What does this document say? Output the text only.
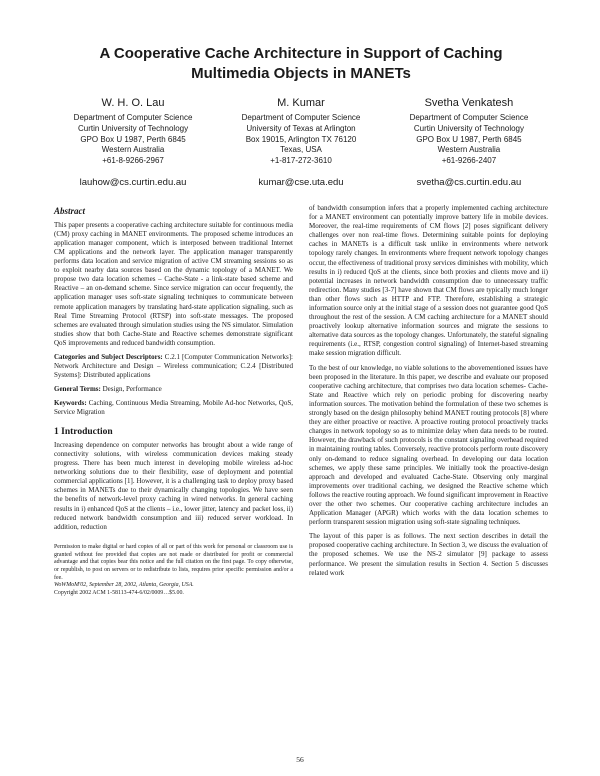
A Cooperative Cache Architecture in Support of Caching Multimedia Objects in MANETs
W. H. O. Lau
Department of Computer Science
Curtin University of Technology
GPO Box U 1987, Perth 6845
Western Australia
+61-8-9266-2967
lauhow@cs.curtin.edu.au
M. Kumar
Department of Computer Science
University of Texas at Arlington
Box 19015, Arlington TX 76120
Texas, USA
+1-817-272-3610
kumar@cse.uta.edu
Svetha Venkatesh
Department of Computer Science
Curtin University of Technology
GPO Box U 1987, Perth 6845
Western Australia
+61-9266-2407
svetha@cs.curtin.edu.au
Abstract

This paper presents a cooperative caching architecture suitable for continuous media (CM) proxy caching in MANET environments. The proposed scheme introduces an application manager component, which is interposed between traditional Internet CM applications and the network layer. The application manager transparently performs data location and service migration of active CM streaming sessions so as to exploit nearby data sources based on the dynamic topology of a MANET. We propose two data location schemes – Cache-State - a link-state based scheme and Reactive – an on-demand scheme. Since service migration can occur frequently, the application manager uses soft-state signaling techniques to communicate between remote application managers by translating hard-state application signaling, such as Real Time Streaming Protocol (RTSP) into soft-state messages. The proposed schemes are evaluated through simulation studies using the NS simulator. Simulation studies show that both Cache-State and Reactive schemes demonstrate significant QoS improvements and reduced bandwidth consumption.

Categories and Subject Descriptors: C.2.1 [Computer Communication Networks]: Network Architecture and Design – Wireless communication; C.2.4 [Distributed Systems]: Distributed applications

General Terms: Design, Performance

Keywords: Caching, Continuous Media Streaming, Mobile Ad-hoc Networks, QoS, Service Migration

1 Introduction

Increasing dependence on computer networks has brought about a wide range of connectivity solutions, with wireless communication devices making steady progress. There has been much interest in developing mobile wireless ad-hoc networking solutions due to their flexibility, ease of deployment and potential commercial applications [1]. However, it is a challenging task to deploy proxy based schemes in MANETs due to their dynamically changing topologies. We have seen the benefits of network-level proxy caching in wired networks. In general caching results in i) enhanced QoS at the clients – i.e., lower jitter, latency and packet loss, ii) reduced network bandwidth consumption and iii) reduced server workload. In addition, reduction

Permission to make digital or hard copies of all or part of this work for personal or classroom use is granted without fee provided that copies are not made or distributed for profit or commercial advantage and that copies bear this notice and the full citation on the first page. To copy otherwise, or republish, to post on servers or to redistribute to lists, requires prior specific permission and/or a fee.
WoWMoM'02, September 28, 2002, Atlanta, Georgia, USA.
Copyright 2002 ACM 1-58113-474-6/02/0009…$5.00.

of bandwidth consumption infers that a properly implemented caching architecture for a MANET environment can potentially improve battery life in mobile devices. Moreover, the real-time requirements of CM flows [2] poses significant delivery challenges over non real-time flows. Determining suitable points for deploying caches in MANETs is a difficult task unlike in environments where network topology rarely changes. In environments where frequent network topology changes occur, the effectiveness of traditional proxy services diminishes with mobility, which results in i) reduced QoS at the clients, since both proxies and clients move and ii) potential increases in network bandwidth consumption due to unnecessary traffic redirection. Many studies [3-7] have shown that CM flows are typically much longer than other flows such as HTTP and FTP. Therefore, establishing a strategic information source only at the initial stage of a session does not guarantee good QoS throughout the rest of the session. A CM caching architecture for a MANET should proactively lookup alternative information sources and migrate the sessions to alternative data sources as the topology changes. Unfortunately, the stateful signaling requirements (i.e., RTSP, congestion control signaling) of Internet-based streaming make session migration difficult.

To the best of our knowledge, no viable solutions to the abovementioned issues have been proposed in the literature. In this paper, we describe and evaluate our proposed cooperative caching architecture, that comprises two data location schemes- Cache-State and Reactive which rely on periodic probing for discovering nearby information sources. The motivation behind the formulation of these two schemes is strongly based on the design philosophy behind MANET routing protocols [8] where they are either proactive or reactive. A proactive routing protocol proactively tracks changes in network topology so as to minimize delay when data needs to be routed. However, the drawback of such protocols is the constant signaling overhead required in maintaining routing tables. Conversely, reactive protocols perform route discovery only on-demand to reduce signaling overhead. In developing our data location schemes, we apply these same principles. We initially took the proactive-design approach and developed and evaluated Cache-State. Observing only marginal improvements over traditional caching, we designed the Reactive scheme which follows the reactive routing approach. We found significant improvement in Reactive over the other two schemes. Our cooperative caching architecture includes an Application Manager (APGR) which works with the data location schemes to perform transparent session migration using soft-state signaling techniques.

The layout of this paper is as follows. The next section describes in detail the proposed cooperative caching architecture. In Section 3, we discuss the evaluation of the proposed schemes. We use the NS-2 simulator [9] package to assess performance. We present the simulation results in Section 4. Section 5 discusses related work

56
